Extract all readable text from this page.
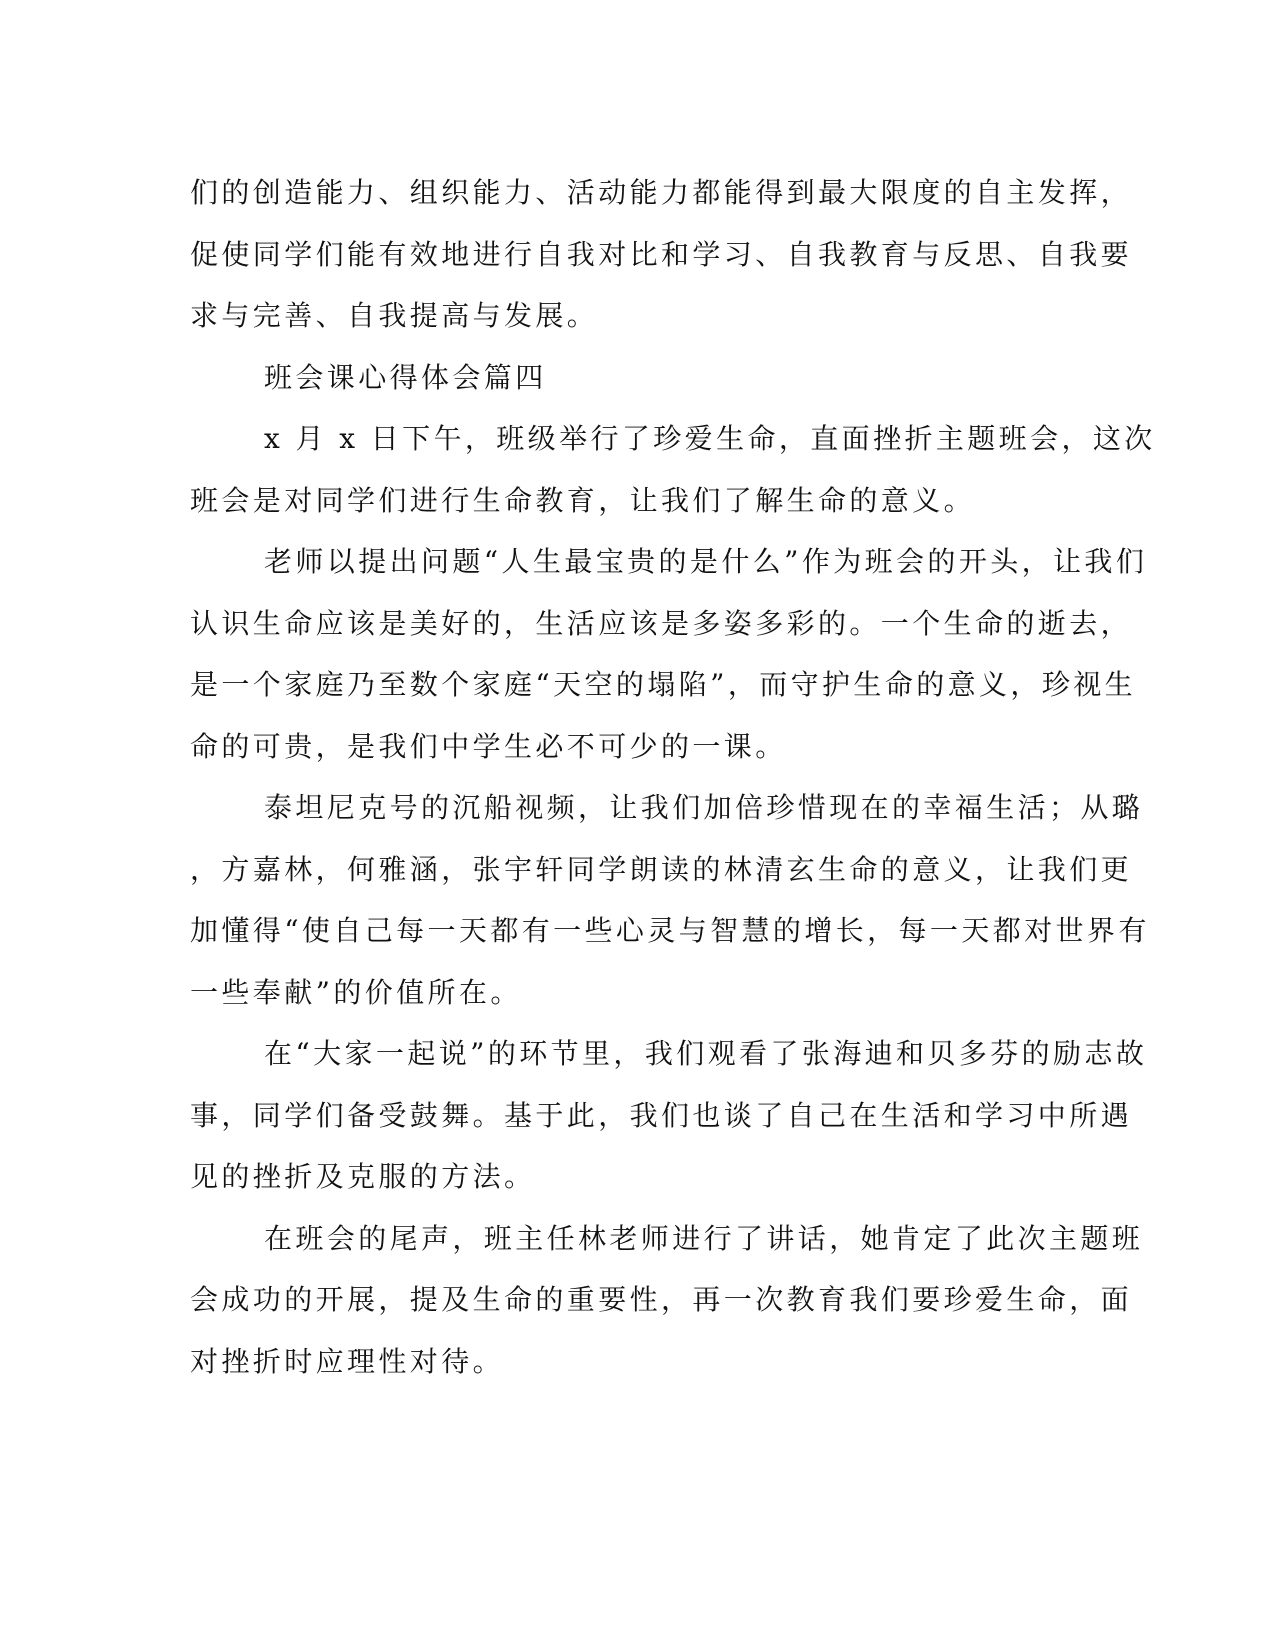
们的创造能力、组织能力、活动能力都能得到最大限度的自主发挥，
促使同学们能有效地进行自我对比和学习、自我教育与反思、自我要
求与完善、自我提高与发展。
班会课心得体会篇四
x 月 x 日下午，班级举行了珍爱生命，直面挫折主题班会，这次
班会是对同学们进行生命教育，让我们了解生命的意义。
老师以提出问题“人生最宝贵的是什么”作为班会的开头，让我们
认识生命应该是美好的，生活应该是多姿多彩的。一个生命的逝去，
是一个家庭乃至数个家庭“天空的塌陷”，而守护生命的意义，珍视生
命的可贵，是我们中学生必不可少的一课。
泰坦尼克号的沉船视频，让我们加倍珍惜现在的幸福生活；从璐
，方嘉林，何雅涵，张宇轩同学朗读的林清玄生命的意义，让我们更
加懂得“使自己每一天都有一些心灵与智慧的增长，每一天都对世界有
一些奉献”的价值所在。
在“大家一起说”的环节里，我们观看了张海迪和贝多芬的励志故
事，同学们备受鼓舞。基于此，我们也谈了自己在生活和学习中所遇
见的挫折及克服的方法。
在班会的尾声，班主任林老师进行了讲话，她肯定了此次主题班
会成功的开展，提及生命的重要性，再一次教育我们要珍爱生命，面
对挫折时应理性对待。
